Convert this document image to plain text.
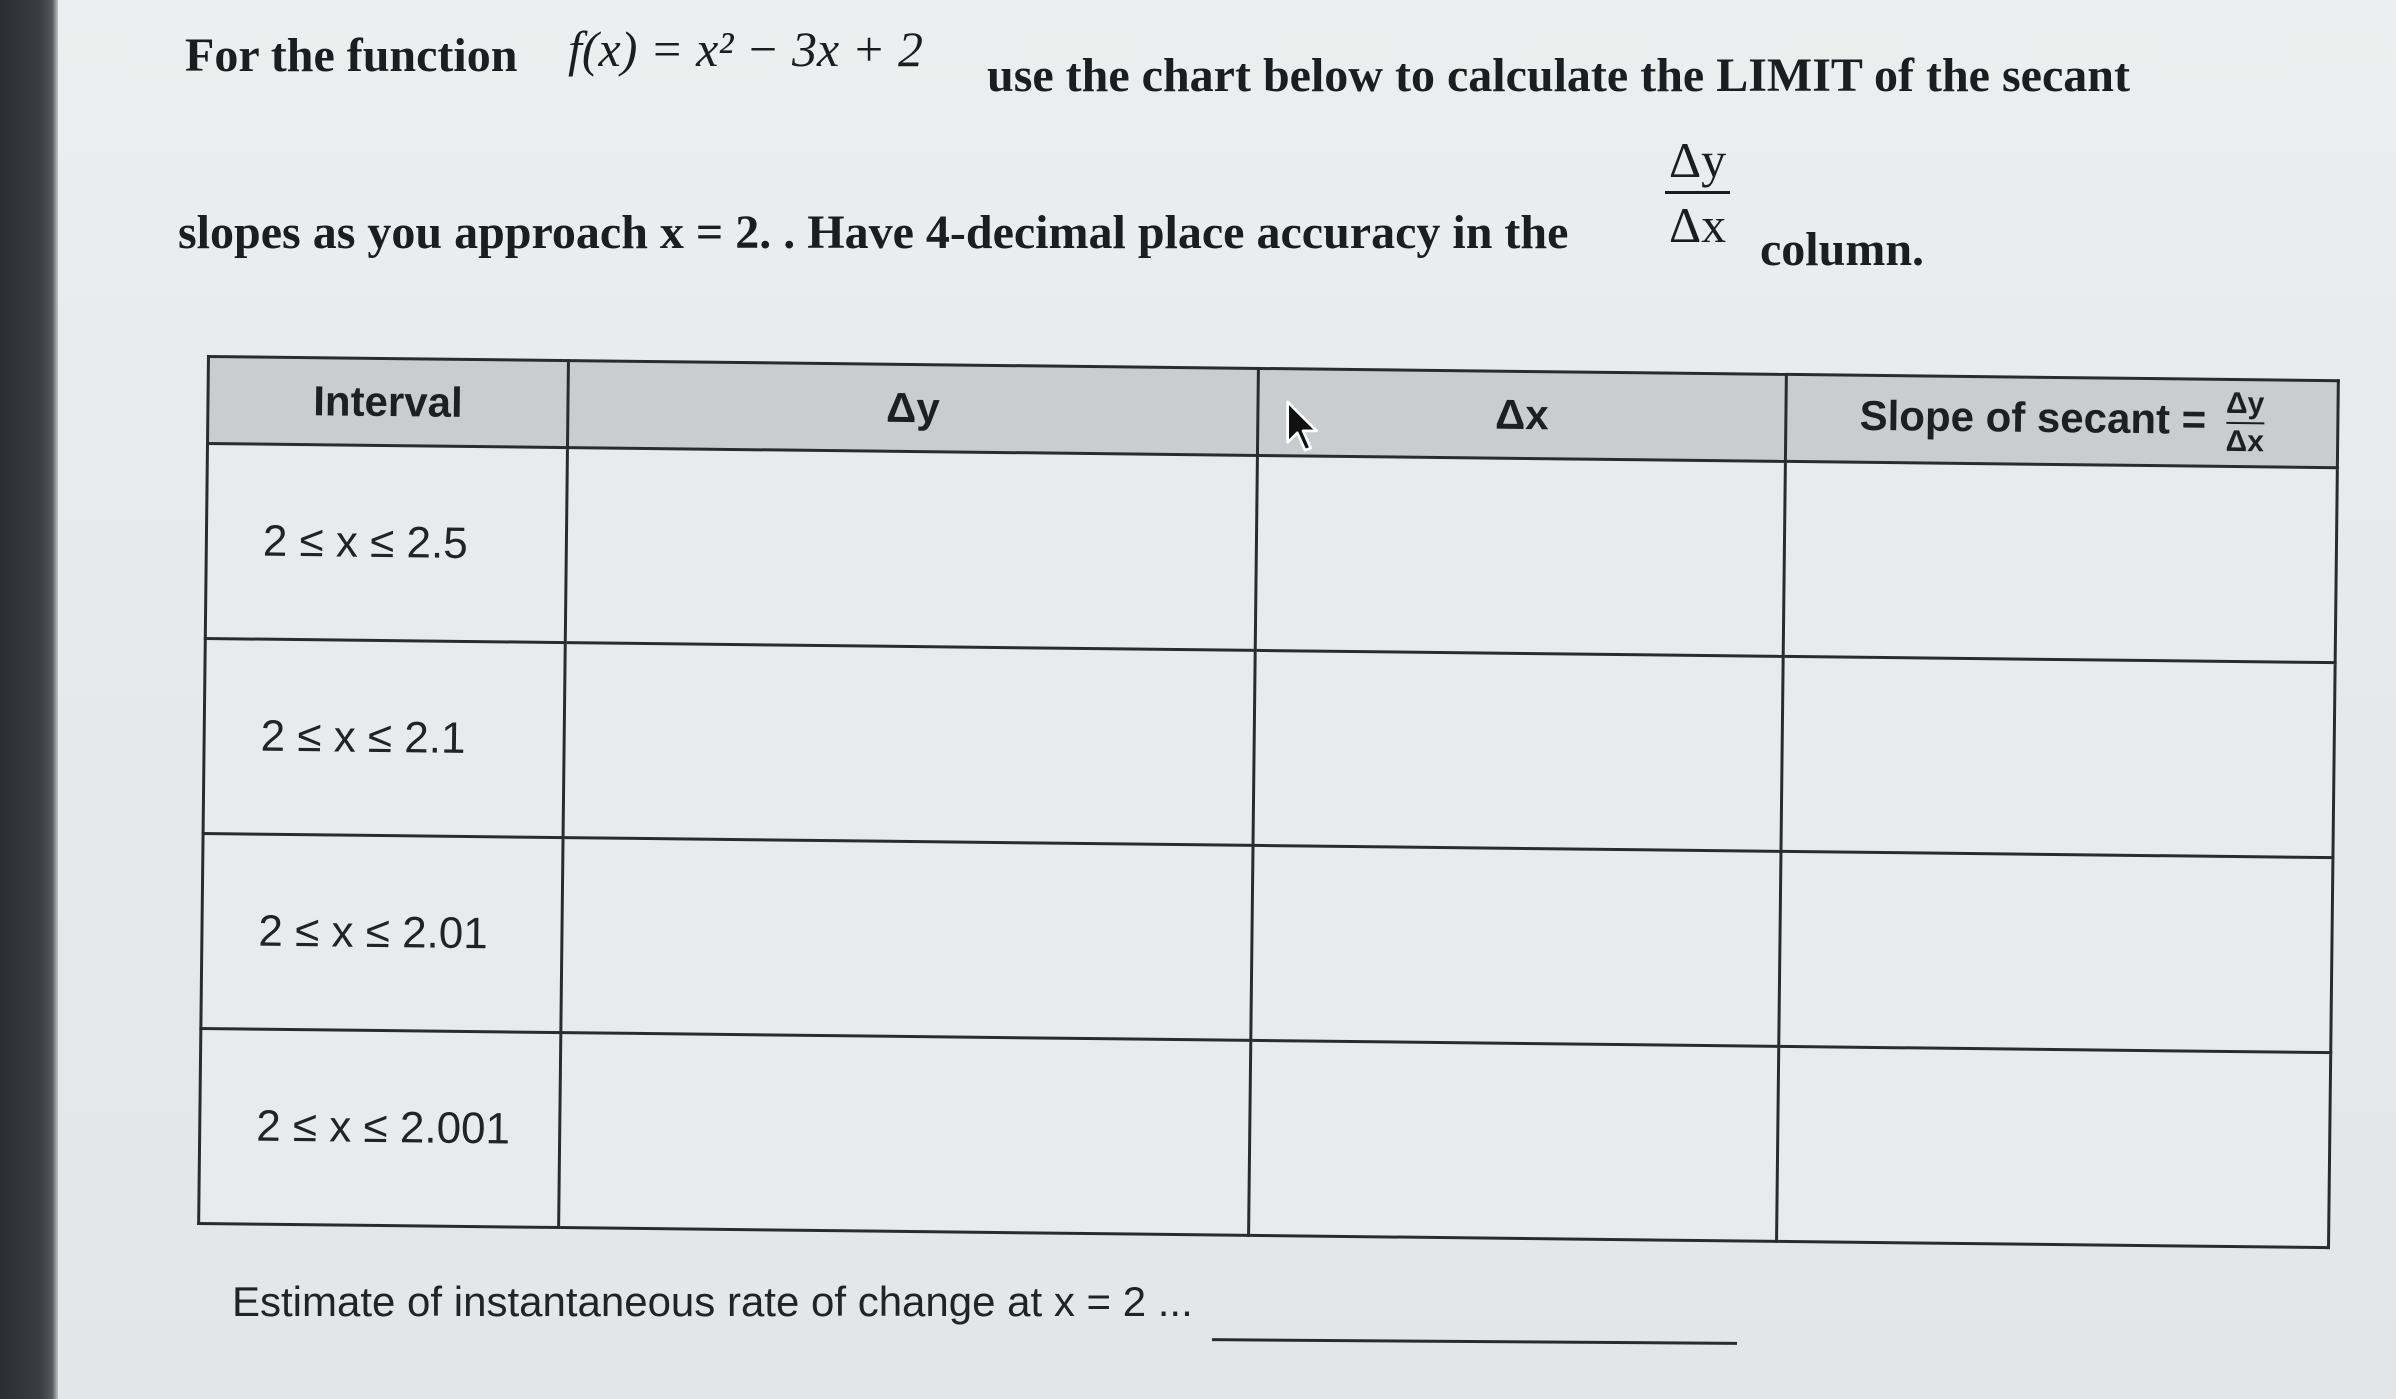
For the function f(x) = x² − 3x + 2 use the chart below to calculate the LIMIT of the secant
slopes as you approach x = 2. . Have 4-decimal place accuracy in the $\frac{\Delta y}{\Delta x}$ column.
Interval	Δy	Δx	Slope of secant = $\frac{\Delta y}{\Delta x}$

2 ≤ x ≤ 2.5			
2 ≤ x ≤ 2.1			
2 ≤ x ≤ 2.01			
2 ≤ x ≤ 2.001			
Estimate of instantaneous rate of change at x = 2 ...
